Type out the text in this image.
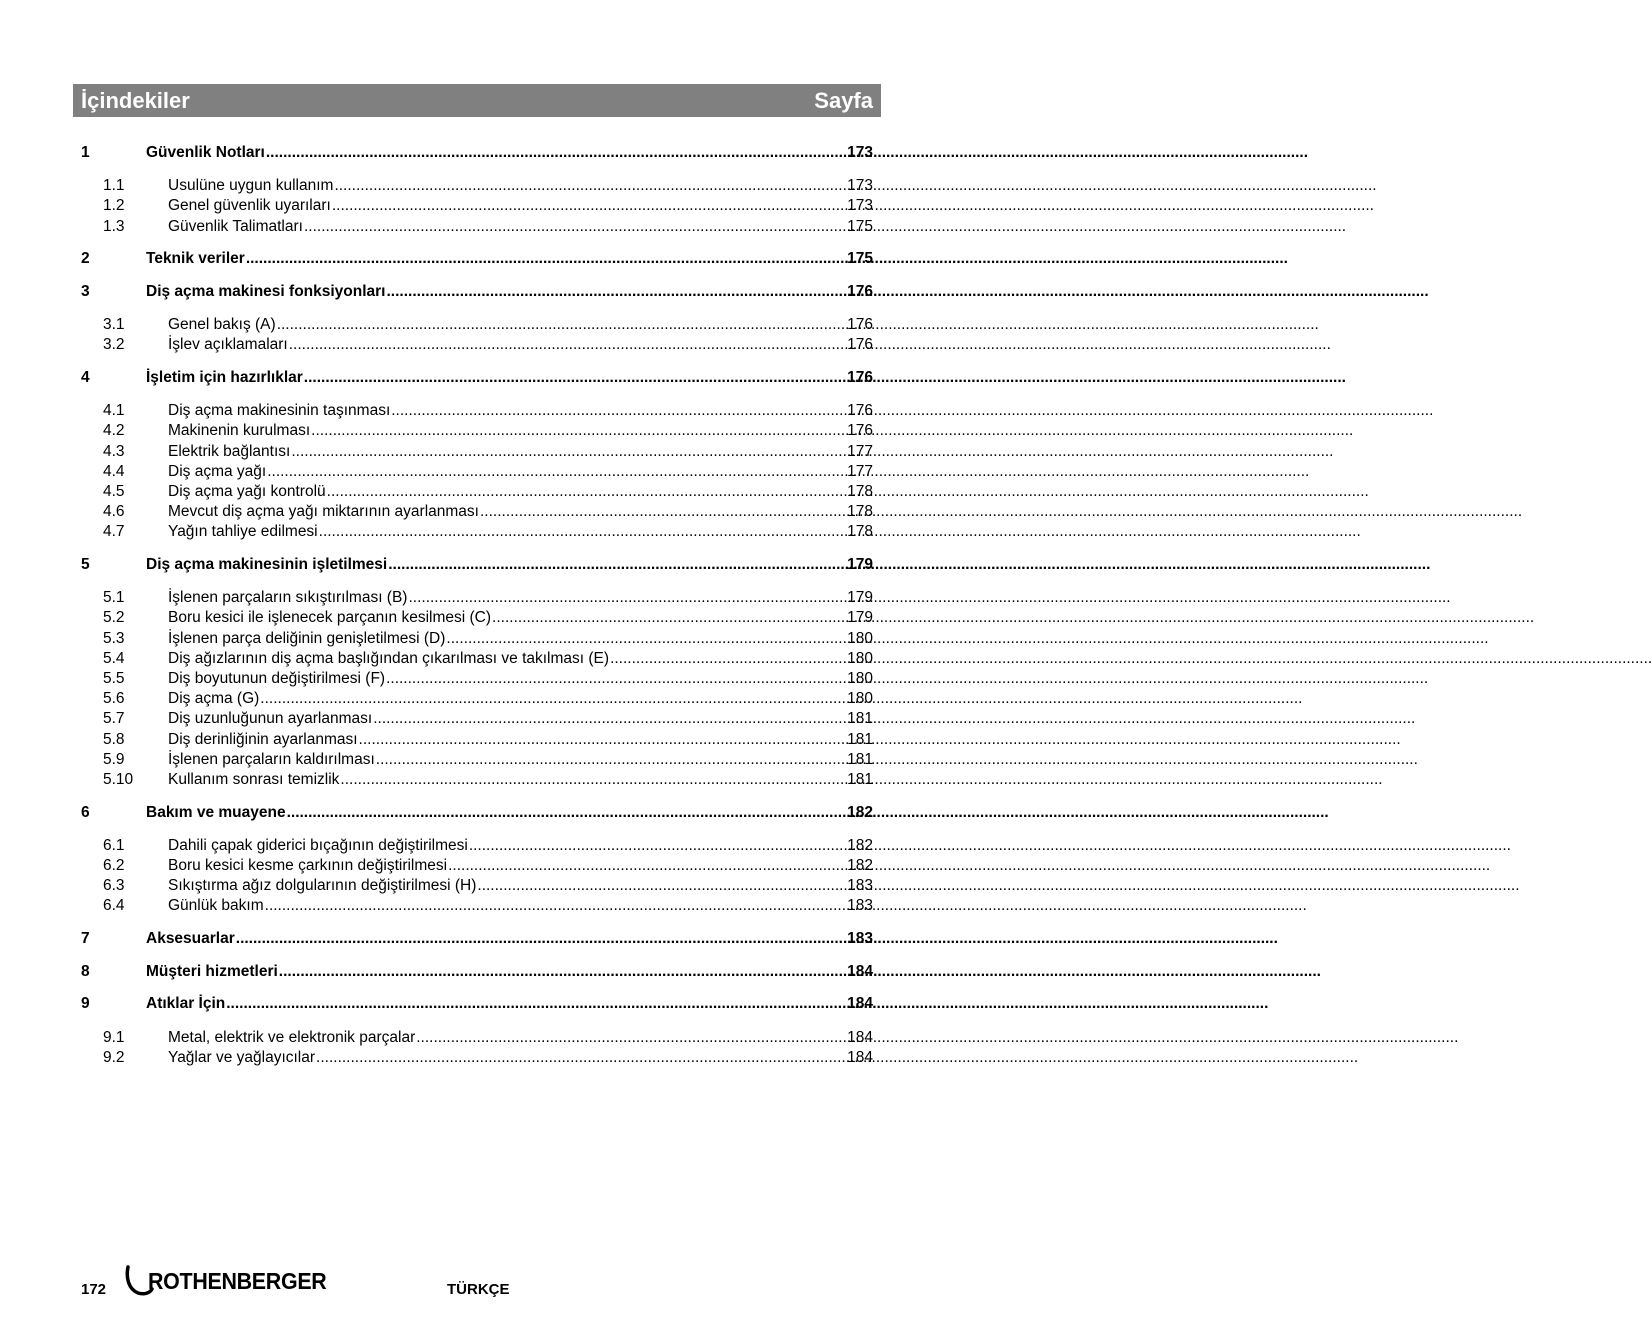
İçindekiler	Sayfa
1	Güvenlik Notları .....	173
1.1	Usulüne uygun kullanım .....	173
1.2	Genel güvenlik uyarıları .....	173
1.3	Güvenlik Talimatları .....	175
2	Teknik veriler .....	175
3	Diş açma makinesi fonksiyonları .....	176
3.1	Genel bakış (A) .....	176
3.2	İşlev açıklamaları .....	176
4	İşletim için hazırlıklar .....	176
4.1	Diş açma makinesinin taşınması .....	176
4.2	Makinenin kurulması .....	176
4.3	Elektrik bağlantısı .....	177
4.4	Diş açma yağı .....	177
4.5	Diş açma yağı kontrolü .....	178
4.6	Mevcut diş açma yağı miktarının ayarlanması .....	178
4.7	Yağın tahliye edilmesi .....	178
5	Diş açma makinesinin işletilmesi .....	179
5.1	İşlenen parçaların sıkıştırılması (B) .....	179
5.2	Boru kesici ile işlenecek parçanın kesilmesi (C) .....	179
5.3	İşlenen parça deliğinin genişletilmesi (D) .....	180
5.4	Diş ağızlarının diş açma başlığından çıkarılması ve takılması (E) .....	180
5.5	Diş boyutunun değiştirilmesi (F) .....	180
5.6	Diş açma (G) .....	180
5.7	Diş uzunluğunun ayarlanması .....	181
5.8	Diş derinliğinin ayarlanması .....	181
5.9	İşlenen parçaların kaldırılması .....	181
5.10	Kullanım sonrası temizlik .....	181
6	Bakım ve muayene .....	182
6.1	Dahili çapak giderici bıçağının değiştirilmesi .....	182
6.2	Boru kesici kesme çarkının değiştirilmesi .....	182
6.3	Sıkıştırma ağız dolgularının değiştirilmesi (H) .....	183
6.4	Günlük bakım .....	183
7	Aksesuarlar .....	183
8	Müşteri hizmetleri .....	184
9	Atıklar İçin .....	184
9.1	Metal, elektrik ve elektronik parçalar .....	184
9.2	Yağlar ve yağlayıcılar .....	184
172 ROTHENBERGER	TÜRKÇE
